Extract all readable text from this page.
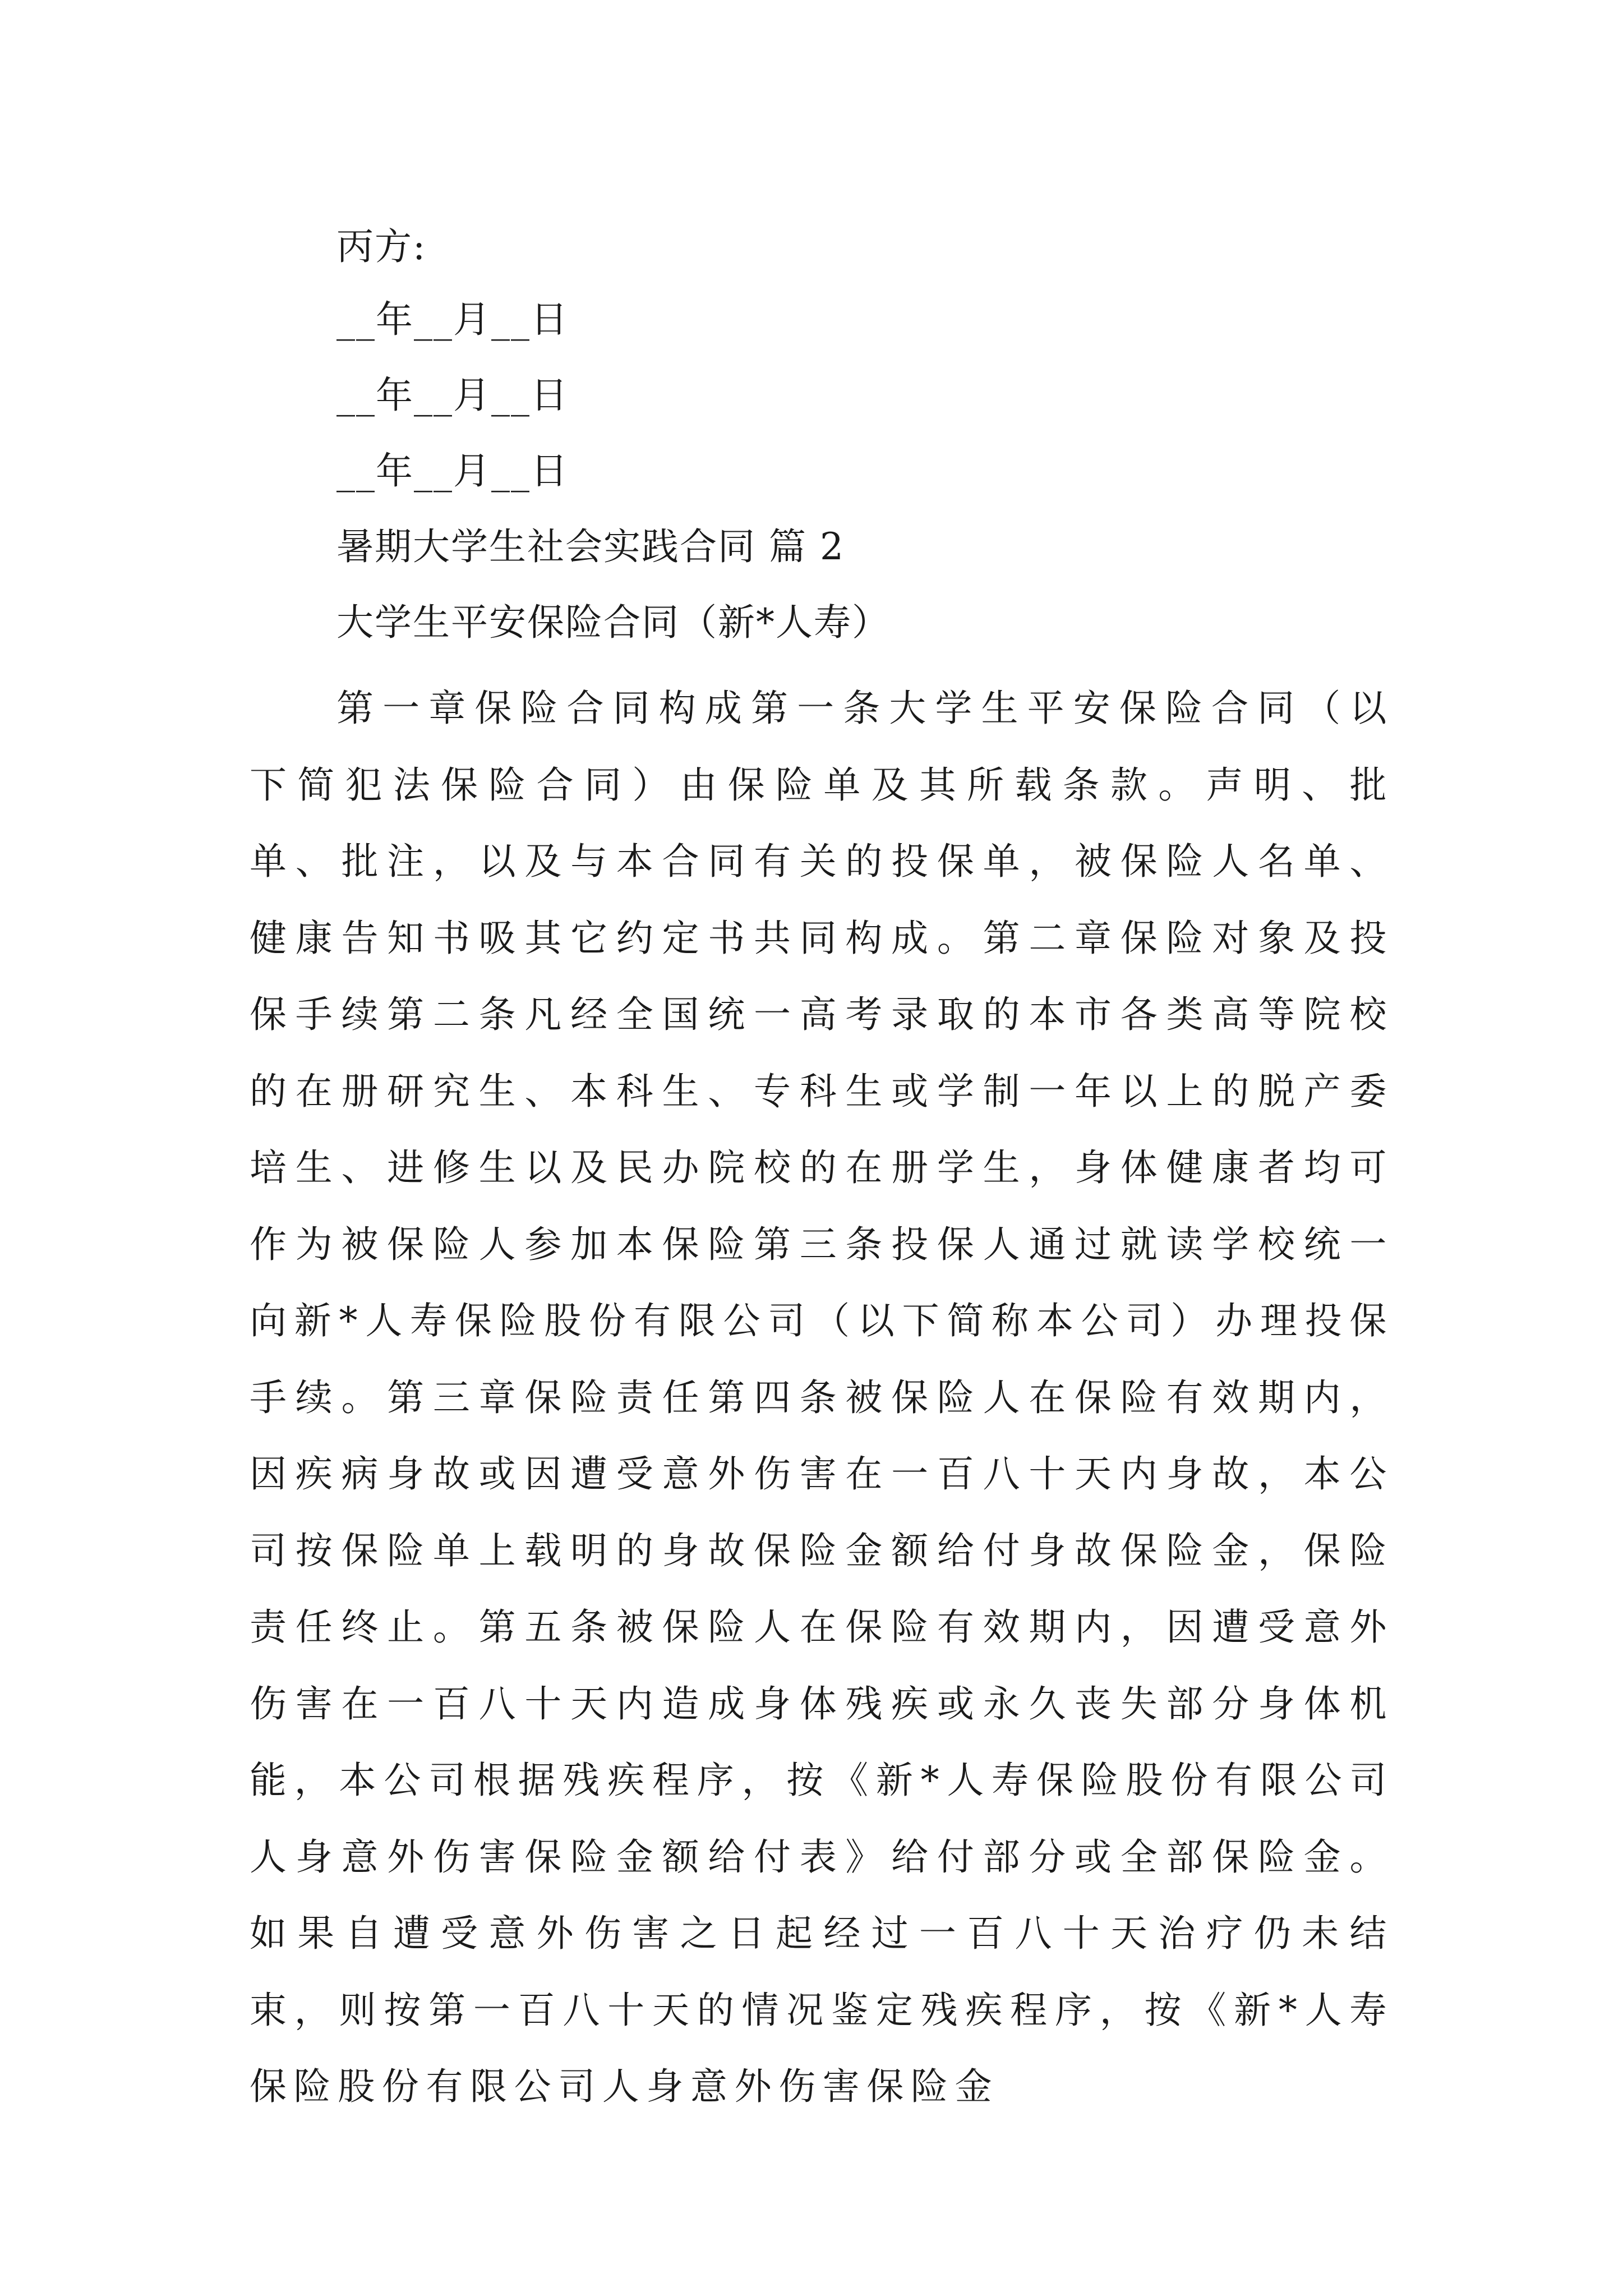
丙方:
__年__月__日
__年__月__日
__年__月__日
暑期大学生社会实践合同 篇 2
大学生平安保险合同（新*人寿）

第一章保险合同构成第一条大学生平安保险合同（以下简犯法保险合同）由保险单及其所载条款。声明、批单、批注，以及与本合同有关的投保单，被保险人名单、健康告知书吸其它约定书共同构成。第二章保险对象及投保手续第二条凡经全国统一高考录取的本市各类高等院校的在册研究生、本科生、专科生或学制一年以上的脱产委培生、进修生以及民办院校的在册学生，身体健康者均可作为被保险人参加本保险第三条投保人通过就读学校统一向新*人寿保险股份有限公司（以下简称本公司）办理投保手续。第三章保险责任第四条被保险人在保险有效期内，因疾病身故或因遭受意外伤害在一百八十天内身故，本公司按保险单上载明的身故保险金额给付身故保险金，保险责任终止。第五条被保险人在保险有效期内，因遭受意外伤害在一百八十天内造成身体残疾或永久丧失部分身体机能，本公司根据残疾程序，按《新*人寿保险股份有限公司人身意外伤害保险金额给付表》给付部分或全部保险金。如果自遭受意外伤害之日起经过一百八十天治疗仍未结束，则按第一百八十天的情况鉴定残疾程序，按《新*人寿保险股份有限公司人身意外伤害保险金
